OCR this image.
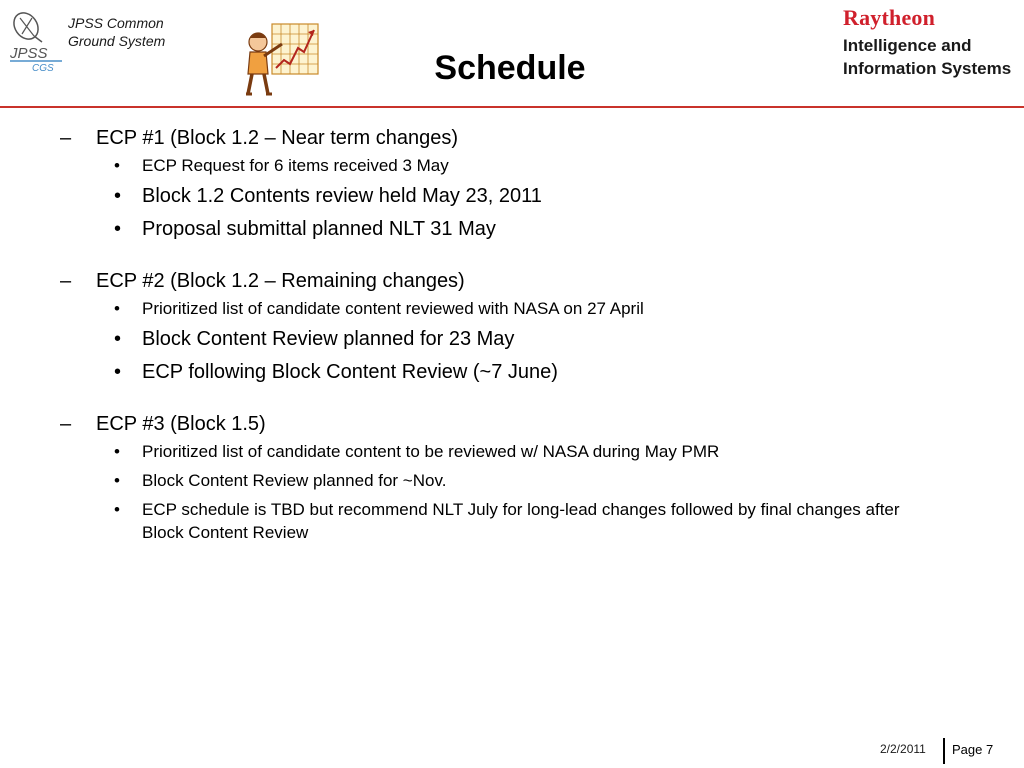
JPSS
CGS
JPSS Common
Ground System
Schedule
Raytheon
Intelligence and
Information Systems
– ECP #1 (Block 1.2 – Near term changes)
• ECP Request for 6 items received 3 May
• Block 1.2 Contents review held May 23, 2011
• Proposal submittal planned NLT 31 May
– ECP #2 (Block 1.2 – Remaining changes)
• Prioritized list of candidate content reviewed with NASA on 27 April
• Block Content Review planned for 23 May
• ECP following Block Content Review (~7 June)
– ECP #3 (Block 1.5)
• Prioritized list of candidate content to be reviewed w/ NASA during May PMR
• Block Content Review planned for ~Nov.
• ECP schedule is TBD but recommend NLT July for long-lead changes followed by final changes after Block Content Review
2/2/2011 Page 7
